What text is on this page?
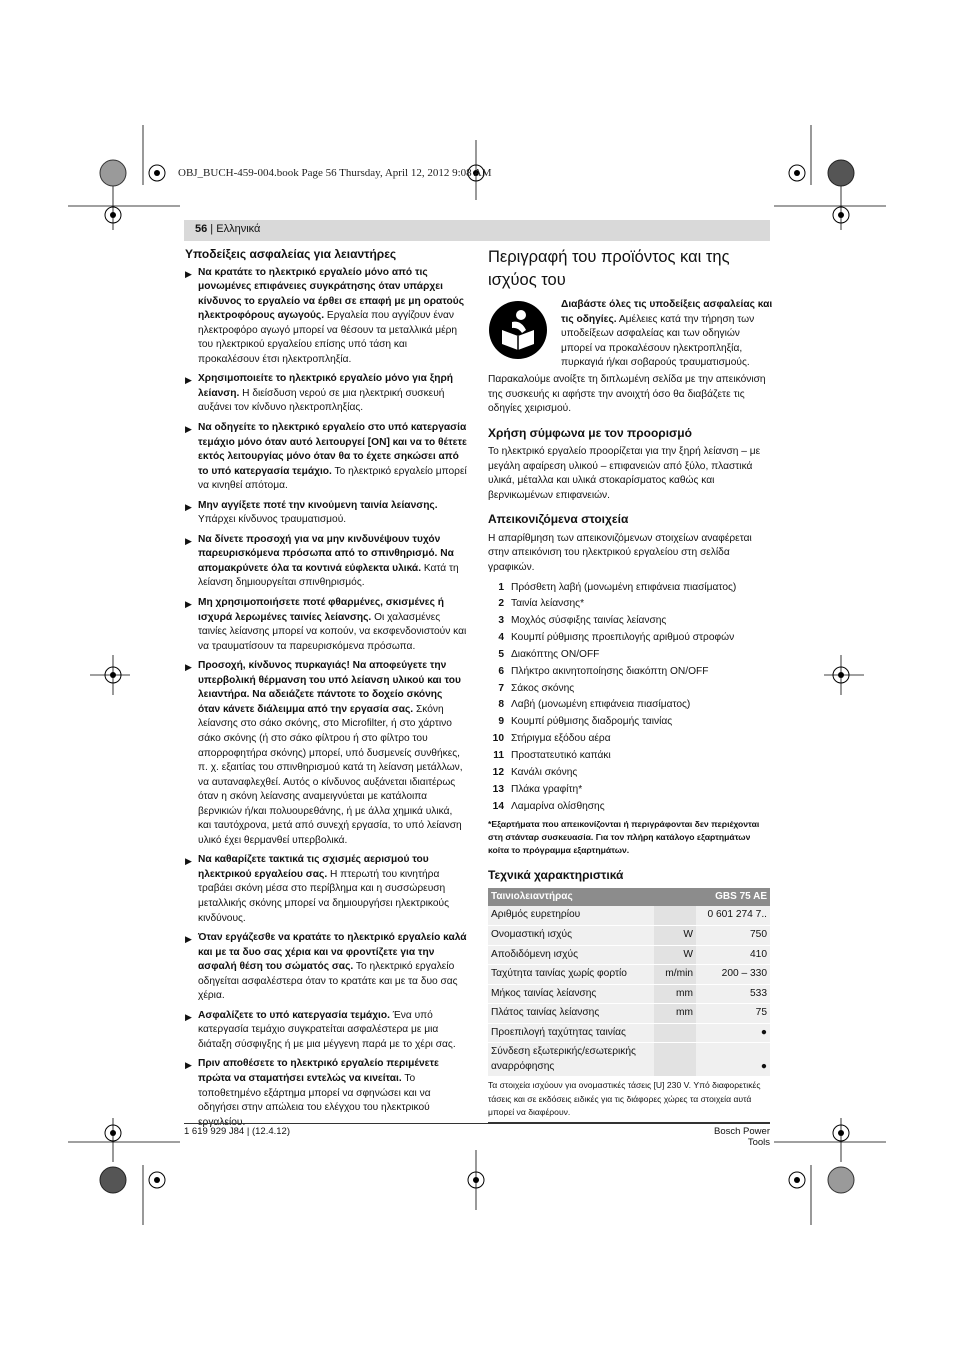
OBJ_BUCH-459-004.book Page 56 Thursday, April 12, 2012 9:08 AM
56 | Ελληνικά
Υποδείξεις ασφαλείας για λειαντήρες
▶ Να κρατάτε το ηλεκτρικό εργαλείο μόνο από τις μονωμένες επιφάνειες συγκράτησης όταν υπάρχει κίνδυνος το εργαλείο να έρθει σε επαφή με μη ορατούς ηλεκτροφόρους αγωγούς. Εργαλεία που αγγίζουν έναν ηλεκτροφόρο αγωγό μπορεί να θέσουν τα μεταλλικά μέρη του ηλεκτρικού εργαλείου επίσης υπό τάση και προκαλέσουν έτσι ηλεκτροπληξία.
▶ Χρησιμοποιείτε το ηλεκτρικό εργαλείο μόνο για ξηρή λείανση. Η διείσδυση νερού σε μια ηλεκτρική συσκευή αυξάνει τον κίνδυνο ηλεκτροπληξίας.
▶ Να οδηγείτε το ηλεκτρικό εργαλείο στο υπό κατεργασία τεμάχιο μόνο όταν αυτό λειτουργεί [ON] και να το θέτετε εκτός λειτουργίας μόνο όταν θα το έχετε σηκώσει από το υπό κατεργασία τεμάχιο. Το ηλεκτρικό εργαλείο μπορεί να κινηθεί απότομα.
▶ Μην αγγίξετε ποτέ την κινούμενη ταινία λείανσης. Υπάρχει κίνδυνος τραυματισμού.
▶ Να δίνετε προσοχή για να μην κινδυνέψουν τυχόν παρευρισκόμενα πρόσωπα από το σπινθηρισμό. Να απομακρύνετε όλα τα κοντινά εύφλεκτα υλικά. Κατά τη λείανση δημιουργείται σπινθηρισμός.
▶ Μη χρησιμοποιήσετε ποτέ φθαρμένες, σκισμένες ή ισχυρά λερωμένες ταινίες λείανσης. Οι χαλασμένες ταινίες λείανσης μπορεί να κοπούν, να εκσφενδονιστούν και να τραυματίσουν τα παρευρισκόμενα πρόσωπα.
▶ Προσοχή, κίνδυνος πυρκαγιάς! Να αποφεύγετε την υπερβολική θέρμανση του υπό λείανση υλικού και του λειαντήρα. Να αδειάζετε πάντοτε το δοχείο σκόνης όταν κάνετε διάλειμμα από την εργασία σας. Σκόνη λείανσης στο σάκο σκόνης, στο Microfilter, ή στο χάρτινο σάκο σκόνης (ή στο σάκο φίλτρου ή στο φίλτρο του απορροφητήρα σκόνης) μπορεί, υπό δυσμενείς συνθήκες, π. χ. εξαιτίας του σπινθηρισμού κατά τη λείανση μετάλλων, να αυταναφλεχθεί. Αυτός ο κίνδυνος αυξάνεται ιδιαιτέρως όταν η σκόνη λείανσης αναμειγνύεται με κατάλοιπα βερνικιών ή/και πολυουρεθάνης, ή με άλλα χημικά υλικά, και ταυτόχρονα, μετά από συνεχή εργασία, το υπό λείανση υλικό έχει θερμανθεί υπερβολικά.
▶ Να καθαρίζετε τακτικά τις σχισμές αερισμού του ηλεκτρικού εργαλείου σας. Η πτερωτή του κινητήρα τραβάει σκόνη μέσα στο περίβλημα και η συσσώρευση μεταλλικής σκόνης μπορεί να δημιουργήσει ηλεκτρικούς κινδύνους.
▶ Όταν εργάζεσθε να κρατάτε το ηλεκτρικό εργαλείο καλά και με τα δυο σας χέρια και να φροντίζετε για την ασφαλή θέση του σώματός σας. Το ηλεκτρικό εργαλείο οδηγείται ασφαλέστερα όταν το κρατάτε και με τα δυο σας χέρια.
▶ Ασφαλίζετε το υπό κατεργασία τεμάχιο. Ένα υπό κατεργασία τεμάχιο συγκρατείται ασφαλέστερα με μια διάταξη σύσφιγξης ή με μια μέγγενη παρά με το χέρι σας.
▶ Πριν αποθέσετε το ηλεκτρικό εργαλείο περιμένετε πρώτα να σταματήσει εντελώς να κινείται. Το τοποθετημένο εξάρτημα μπορεί να σφηνώσει και να οδηγήσει στην απώλεια του ελέγχου του ηλεκτρικού εργαλείου.
Περιγραφή του προϊόντος και της ισχύος του
Διαβάστε όλες τις υποδείξεις ασφαλείας και τις οδηγίες. Αμέλειες κατά την τήρηση των υποδείξεων ασφαλείας και των οδηγιών μπορεί να προκαλέσουν ηλεκτροπληξία, πυρκαγιά ή/και σοβαρούς τραυματισμούς.

Παρακαλούμε ανοίξτε τη διπλωμένη σελίδα με την απεικόνιση της συσκευής κι αφήστε την ανοιχτή όσο θα διαβάζετε τις οδηγίες χειρισμού.

Χρήση σύμφωνα με τον προορισμό

Το ηλεκτρικό εργαλείο προορίζεται για την ξηρή λείανση – με μεγάλη αφαίρεση υλικού – επιφανειών από ξύλο, πλαστικά υλικά, μέταλλα και υλικά στοκαρίσματος καθώς και βερνικωμένων επιφανειών.

Απεικονιζόμενα στοιχεία

Η απαρίθμηση των απεικονιζόμενων στοιχείων αναφέρεται στην απεικόνιση του ηλεκτρικού εργαλείου στη σελίδα γραφικών.

1 Πρόσθετη λαβή (μονωμένη επιφάνεια πιασίματος)
2 Ταινία λείανσης*
3 Μοχλός σύσφιξης ταινίας λείανσης
4 Κουμπί ρύθμισης προεπιλογής αριθμού στροφών
5 Διακόπτης ON/OFF
6 Πλήκτρο ακινητοποίησης διακόπτη ON/OFF
7 Σάκος σκόνης
8 Λαβή (μονωμένη επιφάνεια πιασίματος)
9 Κουμπί ρύθμισης διαδρομής ταινίας
10 Στήριγμα εξόδου αέρα
11 Προστατευτικό καπάκι
12 Κανάλι σκόνης
13 Πλάκα γραφίτη*
14 Λαμαρίνα ολίσθησης
*Εξαρτήματα που απεικονίζονται ή περιγράφονται δεν περιέχονται στη στάνταρ συσκευασία. Για τον πλήρη κατάλογο εξαρτημάτων κοίτα το πρόγραμμα εξαρτημάτων.
Τεχνικά χαρακτηριστικά
Ταινιολειαντήρας		GBS 75 AE
Αριθμός ευρετηρίου		0 601 274 7..
Ονομαστική ισχύς	W	750
Αποδιδόμενη ισχύς	W	410
Ταχύτητα ταινίας χωρίς φορτίο	m/min	200 – 330
Μήκος ταινίας λείανσης	mm	533
Πλάτος ταινίας λείανσης	mm	75
Προεπιλογή ταχύτητας ταινίας		●
Σύνδεση εξωτερικής/εσωτερικής αναρρόφησης		●
Τα στοιχεία ισχύουν για ονομαστικές τάσεις [U] 230 V. Υπό διαφορετικές τάσεις και σε εκδόσεις ειδικές για τις διάφορες χώρες τα στοιχεία αυτά μπορεί να διαφέρουν.
1 619 929 J84 | (12.4.12)	Bosch Power Tools
